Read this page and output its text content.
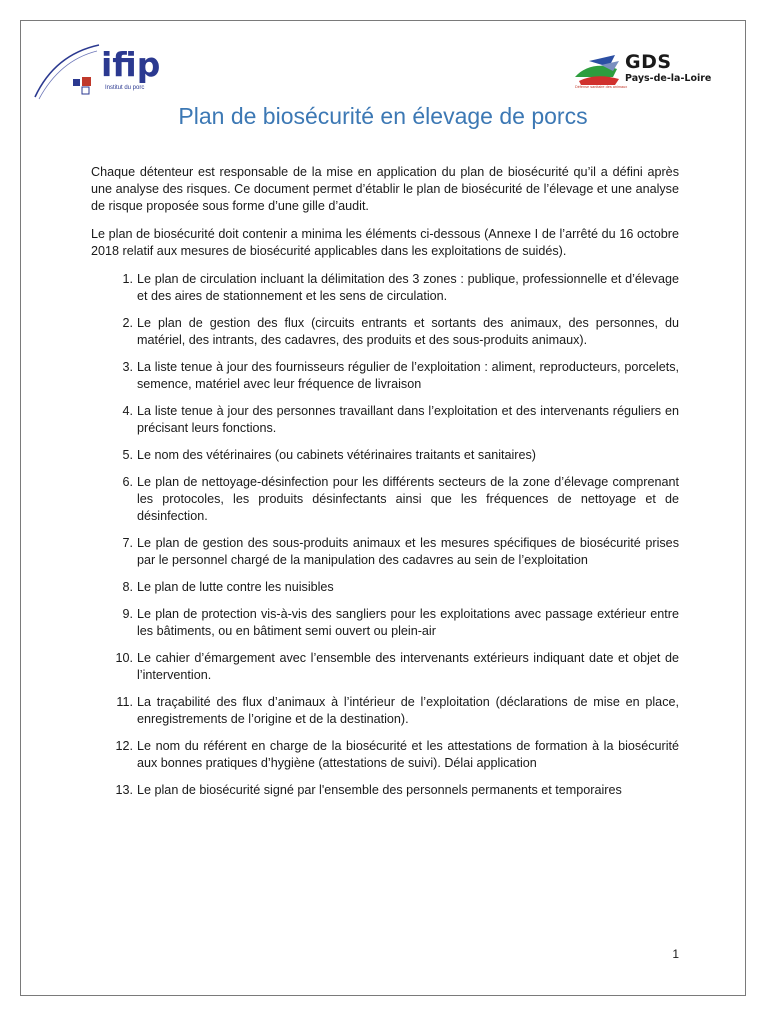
ifip
Institut du porc
GDS
Pays-de-la-Loire
Défense sanitaire des animaux
Plan de biosécurité en élevage de porcs

Chaque détenteur est responsable de la mise en application du plan de biosécurité qu’il a défini après une analyse des risques. Ce document permet d’établir le plan de biosécurité de l’élevage et une analyse de risque proposée sous forme d’une gille d’audit.

Le plan de biosécurité doit contenir a minima les éléments ci-dessous (Annexe I de l’arrêté du 16 octobre 2018 relatif aux mesures de biosécurité applicables dans les exploitations de suidés).

1. Le plan de circulation incluant la délimitation des 3 zones : publique, professionnelle et d’élevage et des aires de stationnement et les sens de circulation.
2. Le plan de gestion des flux (circuits entrants et sortants des animaux, des personnes, du matériel, des intrants, des cadavres, des produits et des sous-produits animaux).
3. La liste tenue à jour des fournisseurs régulier de l’exploitation : aliment, reproducteurs, porcelets, semence, matériel avec leur fréquence de livraison
4. La liste tenue à jour des personnes travaillant dans l’exploitation et des intervenants réguliers en précisant leurs fonctions.
5. Le nom des vétérinaires (ou cabinets vétérinaires traitants et sanitaires)
6. Le plan de nettoyage-désinfection pour les différents secteurs de la zone d’élevage comprenant les protocoles, les produits désinfectants ainsi que les fréquences de nettoyage et de désinfection.
7. Le plan de gestion des sous-produits animaux et les mesures spécifiques de biosécurité prises par le personnel chargé de la manipulation des cadavres au sein de l’exploitation
8. Le plan de lutte contre les nuisibles
9. Le plan de protection vis-à-vis des sangliers pour les exploitations avec passage extérieur entre les bâtiments, ou en bâtiment semi ouvert ou plein-air
10. Le cahier d’émargement avec l’ensemble des intervenants extérieurs indiquant date et objet de l’intervention.
11. La traçabilité des flux d’animaux à l’intérieur de l’exploitation (déclarations de mise en place, enregistrements de l’origine et de la destination).
12. Le nom du référent en charge de la biosécurité et les attestations de formation à la biosécurité aux bonnes pratiques d’hygiène (attestations de suivi). Délai application
13. Le plan de biosécurité signé par l'ensemble des personnels permanents et temporaires
1
